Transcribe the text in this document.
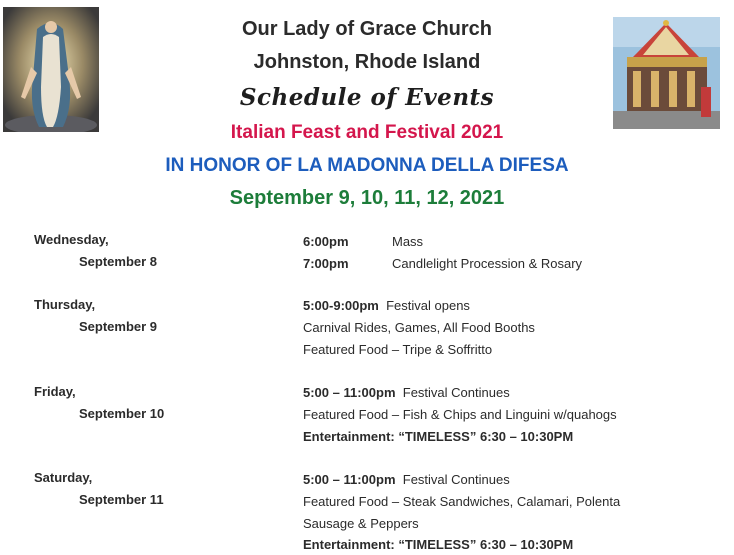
Our Lady of Grace Church
Johnston, Rhode Island
Schedule of Events
Italian Feast and Festival 2021
IN HONOR OF LA MADONNA DELLA DIFESA
September 9, 10, 11, 12, 2021
Wednesday,
September 8
6:00pm	Mass
7:00pm	Candlelight Procession & Rosary
Thursday,
September 9
5:00-9:00pm Festival opens
Carnival Rides, Games, All Food Booths
Featured Food – Tripe & Soffritto
Friday,
September 10
5:00 – 11:00pm Festival Continues
Featured Food – Fish & Chips and Linguini w/quahogs
Entertainment: “TIMELESS” 6:30 – 10:30PM
Saturday,
September 11
5:00 – 11:00pm Festival Continues
Featured Food – Steak Sandwiches, Calamari, Polenta
Sausage & Peppers
Entertainment: “TIMELESS” 6:30 – 10:30PM
